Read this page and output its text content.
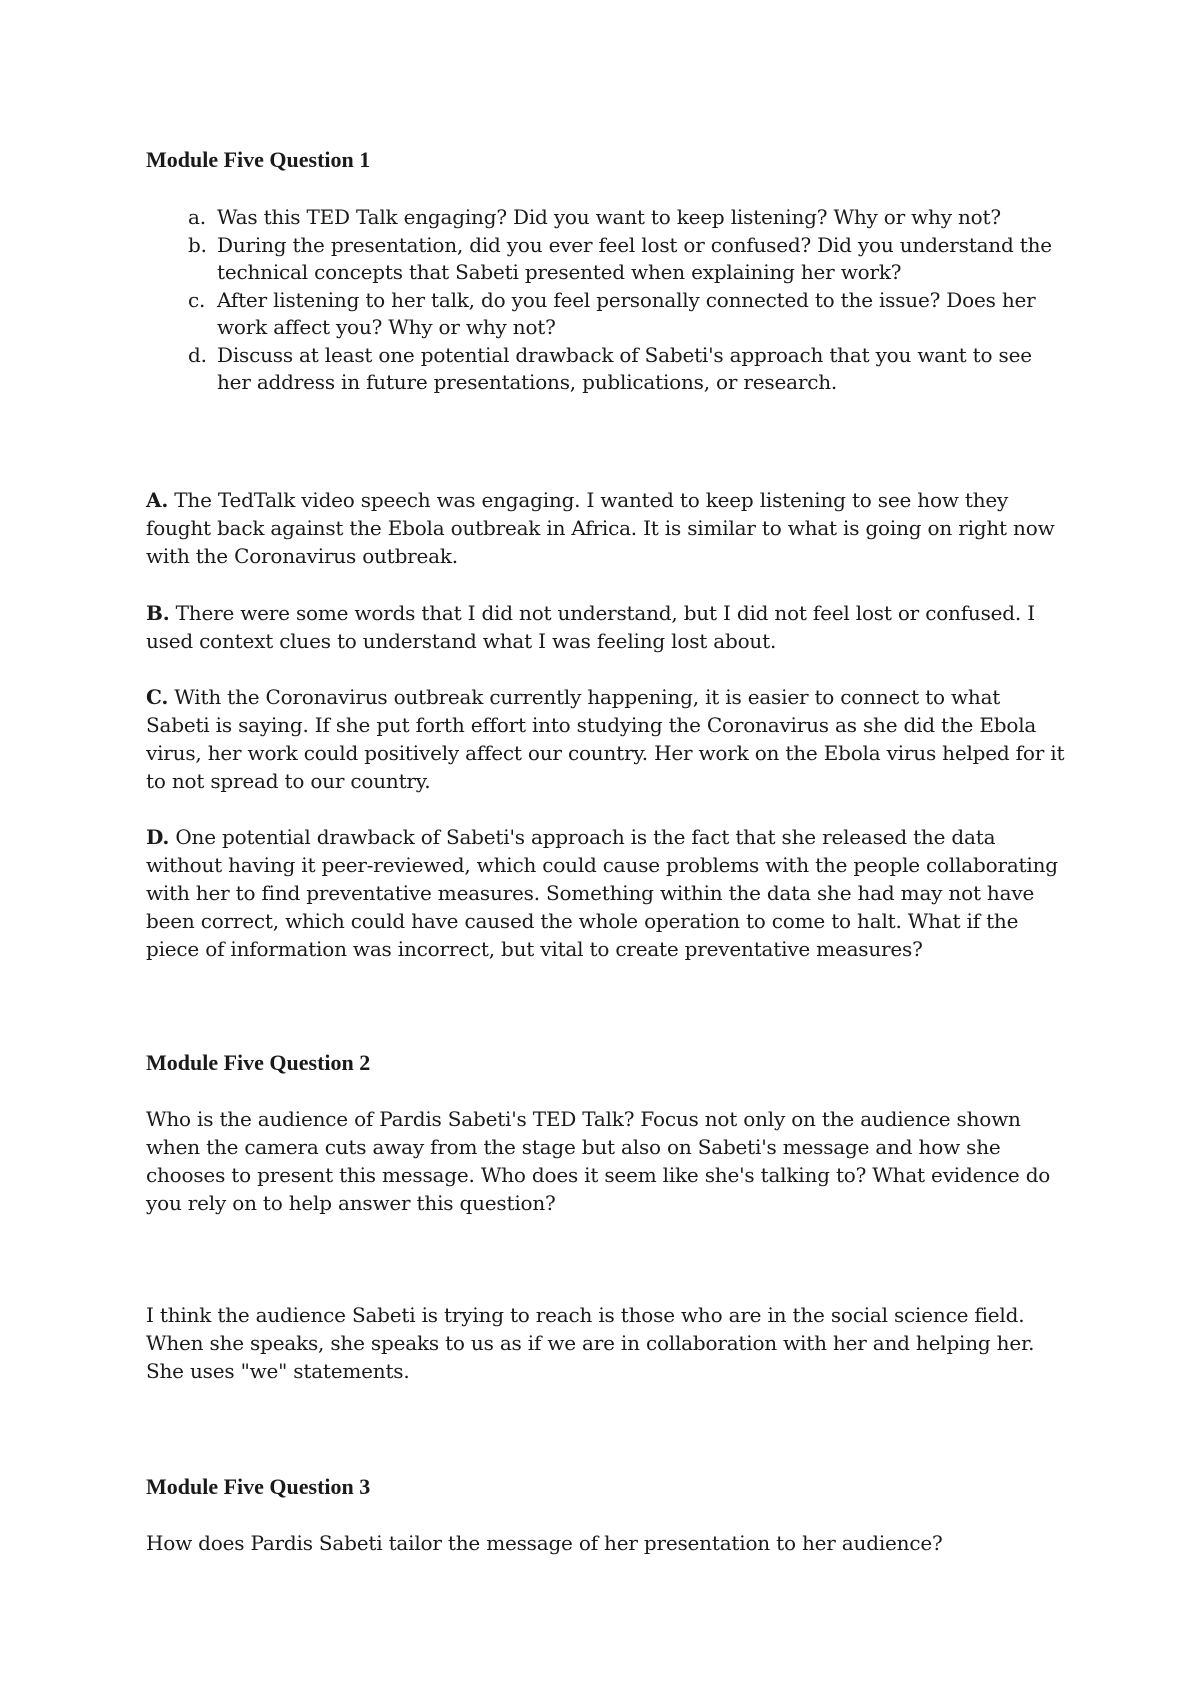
Module Five Question 1
a. Was this TED Talk engaging? Did you want to keep listening? Why or why not?
b. During the presentation, did you ever feel lost or confused? Did you understand the technical concepts that Sabeti presented when explaining her work?
c. After listening to her talk, do you feel personally connected to the issue? Does her work affect you? Why or why not?
d. Discuss at least one potential drawback of Sabeti's approach that you want to see her address in future presentations, publications, or research.

A. The TedTalk video speech was engaging. I wanted to keep listening to see how they fought back against the Ebola outbreak in Africa. It is similar to what is going on right now with the Coronavirus outbreak.

B. There were some words that I did not understand, but I did not feel lost or confused. I used context clues to understand what I was feeling lost about.

C. With the Coronavirus outbreak currently happening, it is easier to connect to what Sabeti is saying. If she put forth effort into studying the Coronavirus as she did the Ebola virus, her work could positively affect our country. Her work on the Ebola virus helped for it to not spread to our country.

D. One potential drawback of Sabeti's approach is the fact that she released the data without having it peer-reviewed, which could cause problems with the people collaborating with her to find preventative measures. Something within the data she had may not have been correct, which could have caused the whole operation to come to halt. What if the piece of information was incorrect, but vital to create preventative measures?

Module Five Question 2

Who is the audience of Pardis Sabeti's TED Talk? Focus not only on the audience shown when the camera cuts away from the stage but also on Sabeti's message and how she chooses to present this message. Who does it seem like she's talking to? What evidence do you rely on to help answer this question?

I think the audience Sabeti is trying to reach is those who are in the social science field. When she speaks, she speaks to us as if we are in collaboration with her and helping her. She uses "we" statements.

Module Five Question 3

How does Pardis Sabeti tailor the message of her presentation to her audience?
